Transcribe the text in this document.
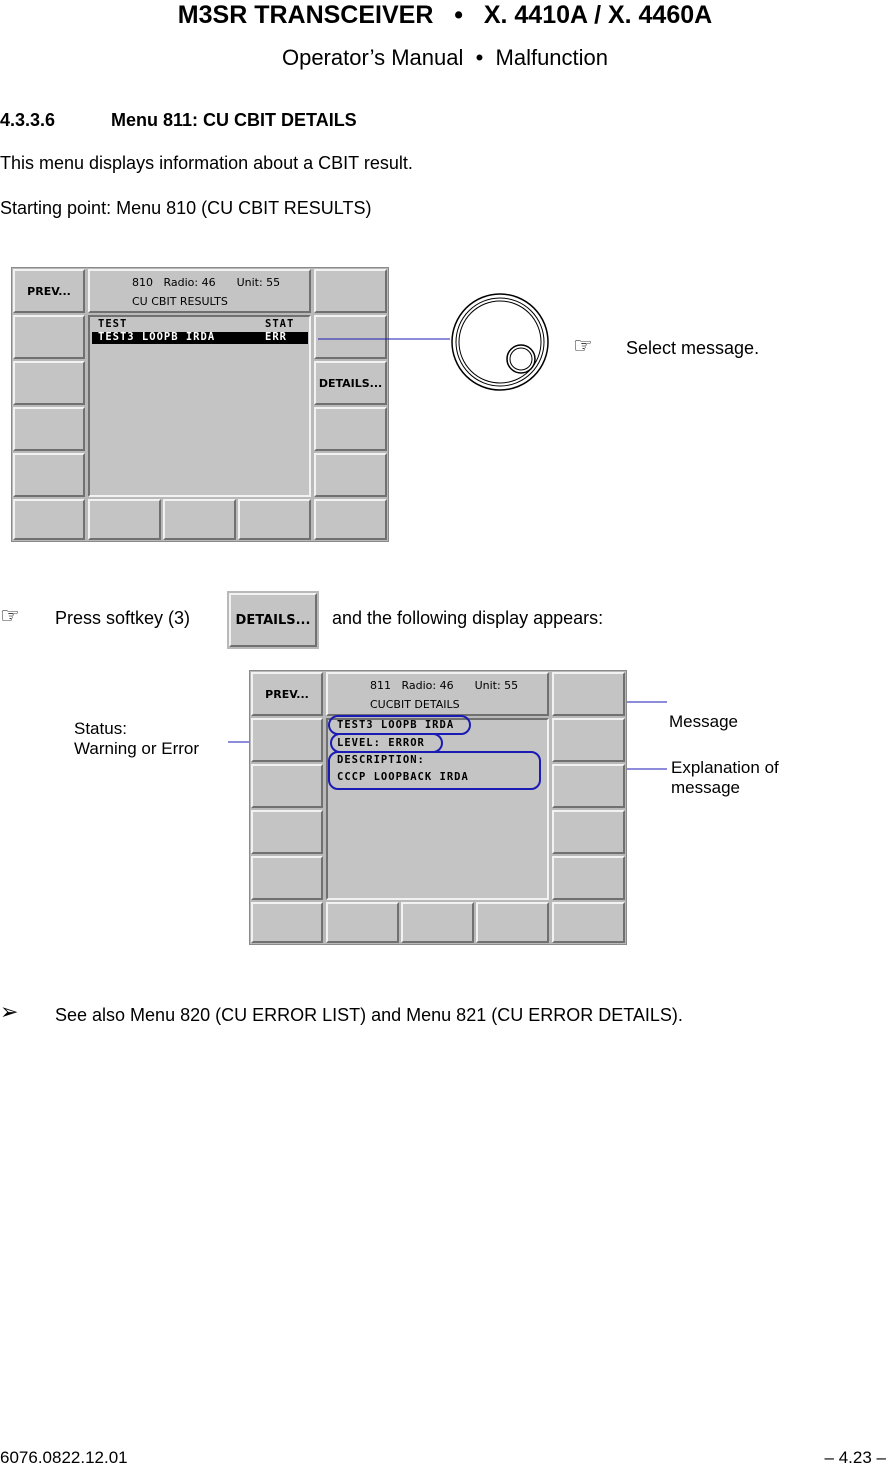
M3SR TRANSCEIVER   •   X. 4410A / X. 4460A
Operator’s Manual  •  Malfunction
4.3.3.6	Menu 811: CU CBIT DETAILS
This menu displays information about a CBIT result.
Starting point: Menu 810 (CU CBIT RESULTS)
PREV...
810   Radio: 46      Unit: 55
CU CBIT RESULTS
TEST	STAT
TEST3 LOOPB IRDA	ERR
DETAILS...
☞ Select message.
☞ Press softkey (3)	DETAILS... and the following display appears:
PREV...
811   Radio: 46      Unit: 55
CUCBIT DETAILS
TEST3 LOOPB IRDA
LEVEL: ERROR
DESCRIPTION:
CCCP LOOPBACK IRDA
Status:
Warning or Error
Message
Explanation of
message
➢ See also Menu 820 (CU ERROR LIST) and Menu 821 (CU ERROR DETAILS).
6076.0822.12.01	– 4.23 –
